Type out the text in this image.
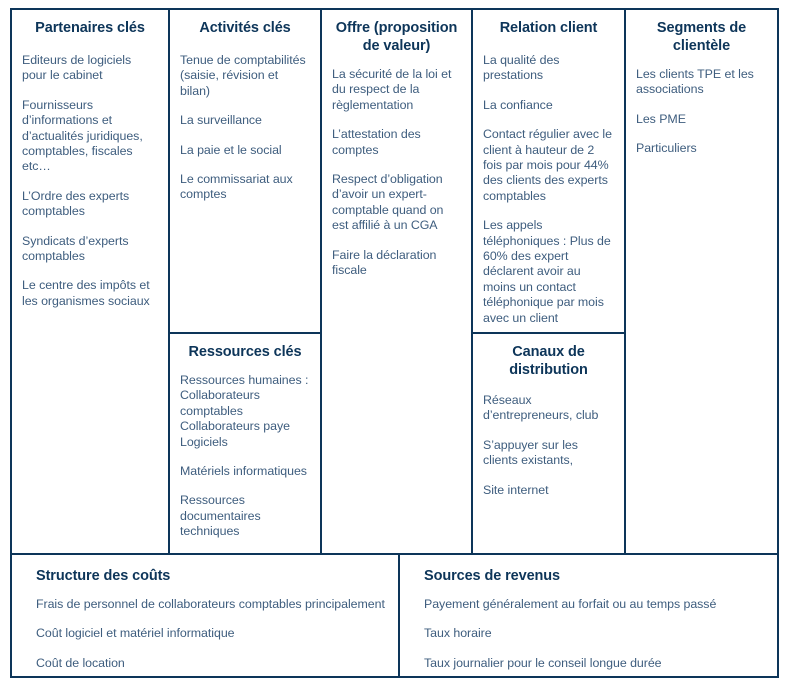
Partenaires clés
Editeurs de logiciels pour le cabinet
Fournisseurs d’informations et d’actualités juridiques, comptables, fiscales etc…
L’Ordre des experts comptables
Syndicats d’experts comptables
Le centre des impôts et les organismes sociaux
Activités clés
Tenue de comptabilités (saisie, révision et bilan)
La surveillance
La paie et le social
Le commissariat aux comptes
Ressources clés
Ressources humaines : Collaborateurs comptables Collaborateurs paye Logiciels
Matériels informatiques
Ressources documentaires techniques
Offre (proposition de valeur)
La sécurité de la loi et du respect de la règlementation
L’attestation des comptes
Respect d’obligation d’avoir un expert-comptable quand on est affilié à un CGA
Faire la déclaration fiscale
Relation client
La qualité des prestations
La confiance
Contact régulier avec le client à hauteur de 2 fois par mois pour 44% des clients des experts comptables
Les appels téléphoniques : Plus de 60% des expert déclarent avoir au moins un contact téléphonique par mois avec un client
Canaux de distribution
Réseaux d’entrepreneurs, club
S’appuyer sur les clients existants,
Site internet
Segments de clientèle
Les clients TPE et les associations
Les PME
Particuliers
Structure des coûts
Frais de personnel de collaborateurs comptables principalement
Coût logiciel et matériel informatique
Coût de location
Sources de revenus
Payement généralement au forfait ou au temps passé
Taux horaire
Taux journalier pour le conseil longue durée
